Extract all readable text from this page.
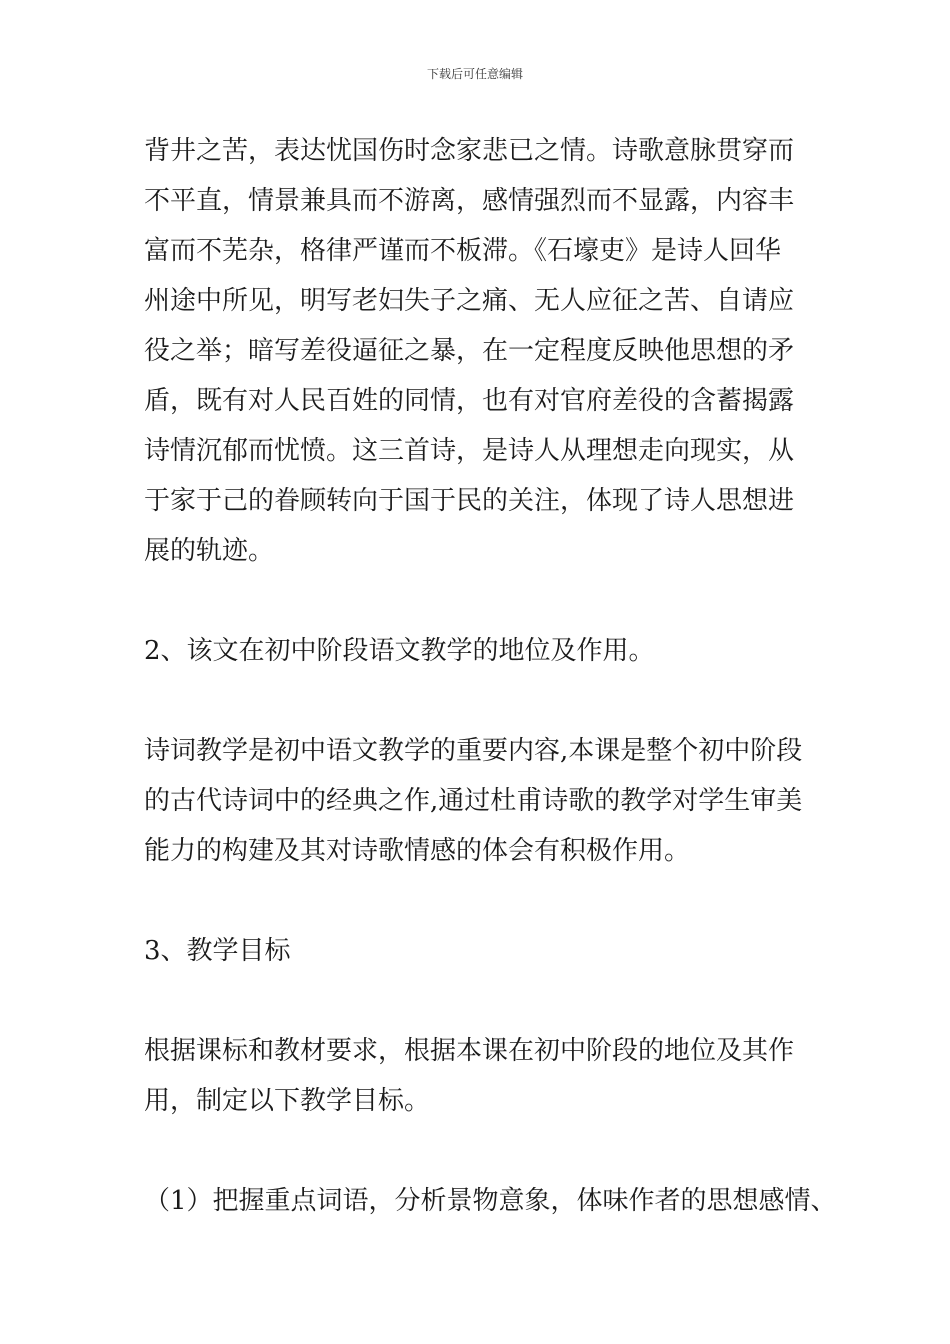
下载后可任意编辑
背井之苦，表达忧国伤时念家悲已之情。诗歌意脉贯穿而
不平直，情景兼具而不游离，感情强烈而不显露，内容丰
富而不芜杂，格律严谨而不板滞。《石壕吏》是诗人回华
州途中所见，明写老妇失子之痛、无人应征之苦、自请应
役之举；暗写差役逼征之暴，在一定程度反映他思想的矛
盾，既有对人民百姓的同情，也有对官府差役的含蓄揭露
诗情沉郁而忧愤。这三首诗，是诗人从理想走向现实，从
于家于己的眷顾转向于国于民的关注，体现了诗人思想进
展的轨迹。
2、该文在初中阶段语文教学的地位及作用。
诗词教学是初中语文教学的重要内容,本课是整个初中阶段
的古代诗词中的经典之作,通过杜甫诗歌的教学对学生审美
能力的构建及其对诗歌情感的体会有积极作用。
3、教学目标
根据课标和教材要求，根据本课在初中阶段的地位及其作
用，制定以下教学目标。
（1）把握重点词语，分析景物意象，体味作者的思想感情、
